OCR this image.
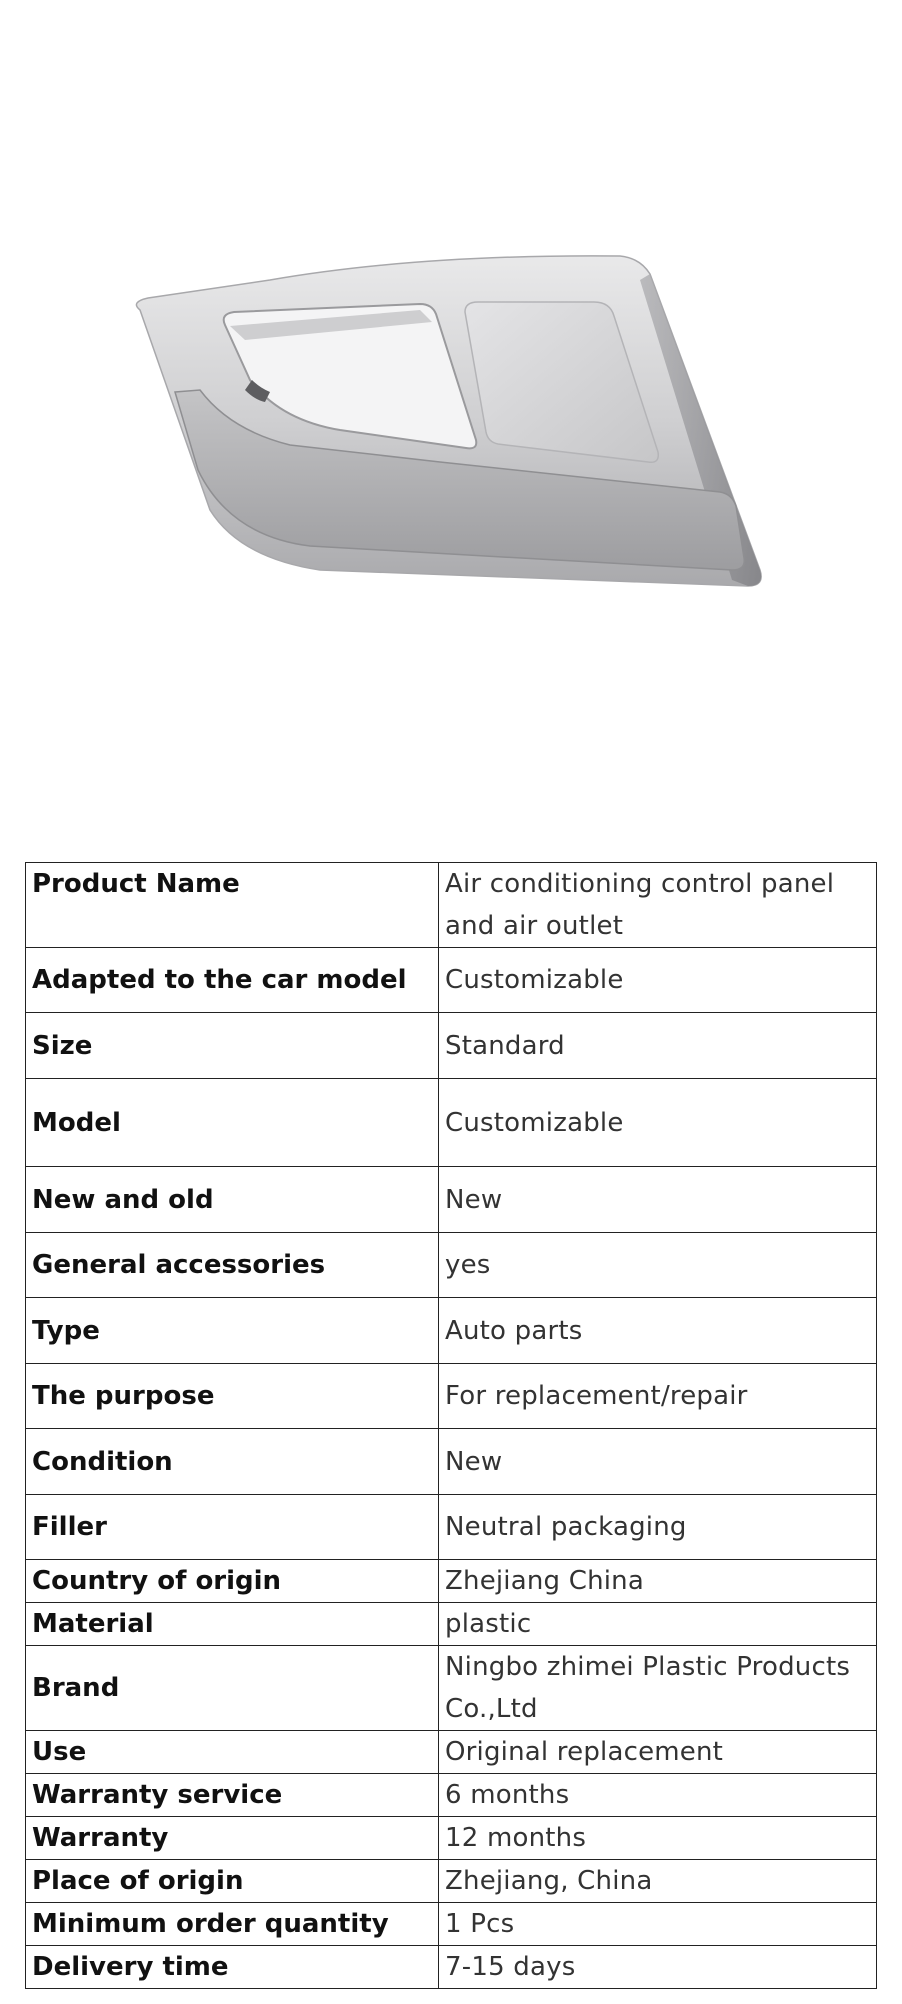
Product Name	Air conditioning control panel and air outlet
Adapted to the car model	Customizable
Size	Standard
Model	Customizable
New and old	New
General accessories	yes
Type	Auto parts
The purpose	For replacement/repair
Condition	New
Filler	Neutral packaging
Country of origin	Zhejiang China
Material	plastic
Brand	Ningbo zhimei Plastic Products Co.,Ltd
Use	Original replacement
Warranty service	6 months
Warranty	12 months
Place of origin	Zhejiang, China
Minimum order quantity	1 Pcs
Delivery time	7-15 days
